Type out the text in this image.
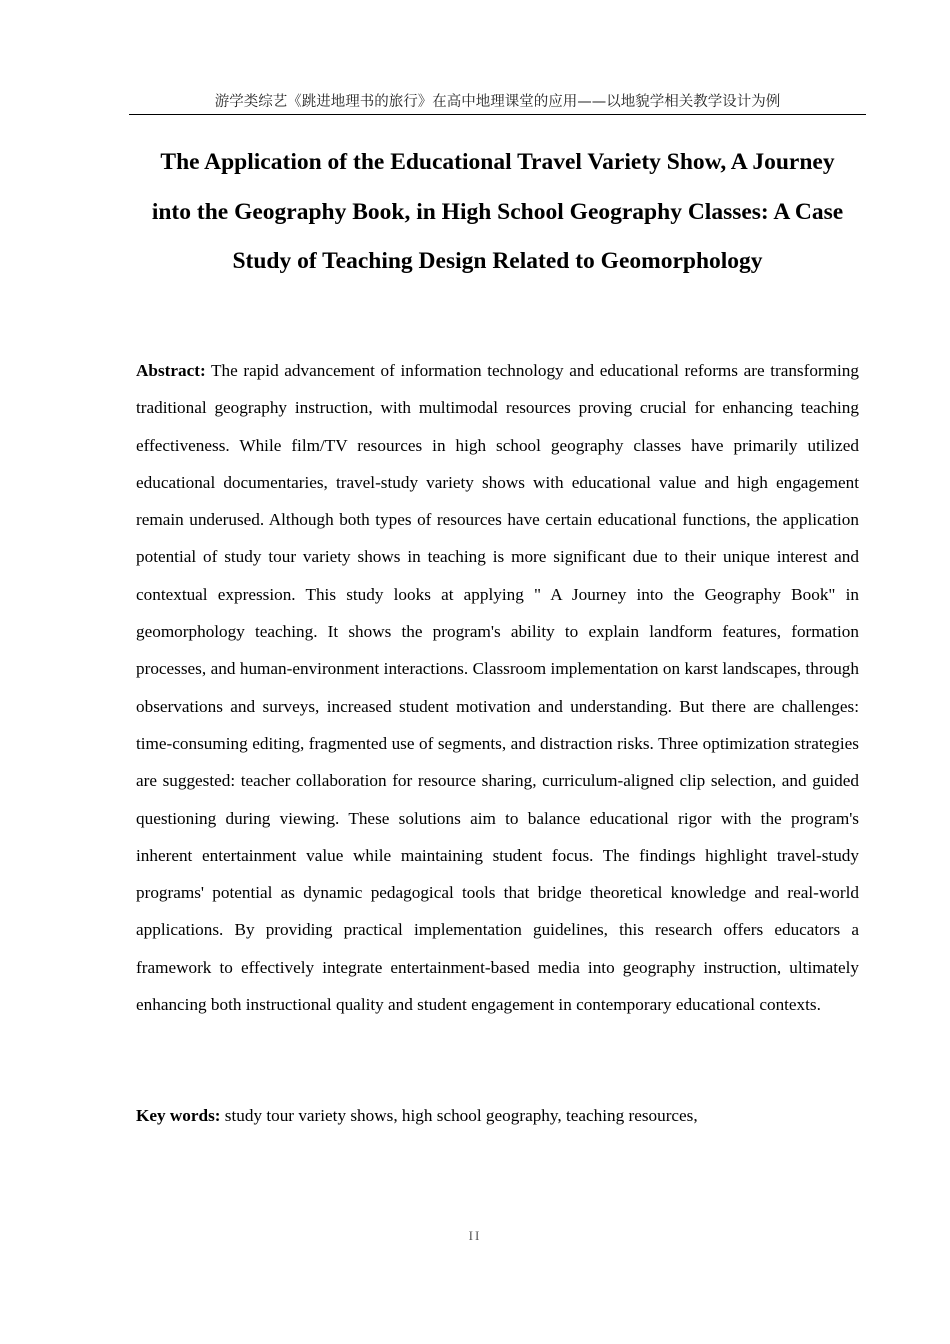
游学类综艺《跳进地理书的旅行》在高中地理课堂的应用——以地貌学相关教学设计为例
The Application of the Educational Travel Variety Show, A Journey into the Geography Book, in High School Geography Classes: A Case Study of Teaching Design Related to Geomorphology

Abstract: The rapid advancement of information technology and educational reforms are transforming traditional geography instruction, with multimodal resources proving crucial for enhancing teaching effectiveness. While film/TV resources in high school geography classes have primarily utilized educational documentaries, travel-study variety shows with educational value and high engagement remain underused. Although both types of resources have certain educational functions, the application potential of study tour variety shows in teaching is more significant due to their unique interest and contextual expression. This study looks at applying " A Journey into the Geography Book" in geomorphology teaching. It shows the program's ability to explain landform features, formation processes, and human-environment interactions. Classroom implementation on karst landscapes, through observations and surveys, increased student motivation and understanding. But there are challenges: time-consuming editing, fragmented use of segments, and distraction risks. Three optimization strategies are suggested: teacher collaboration for resource sharing, curriculum-aligned clip selection, and guided questioning during viewing. These solutions aim to balance educational rigor with the program's inherent entertainment value while maintaining student focus. The findings highlight travel-study programs' potential as dynamic pedagogical tools that bridge theoretical knowledge and real-world applications. By providing practical implementation guidelines, this research offers educators a framework to effectively integrate entertainment-based media into geography instruction, ultimately enhancing both instructional quality and student engagement in contemporary educational contexts.

Key words: study tour variety shows, high school geography, teaching resources,

II
